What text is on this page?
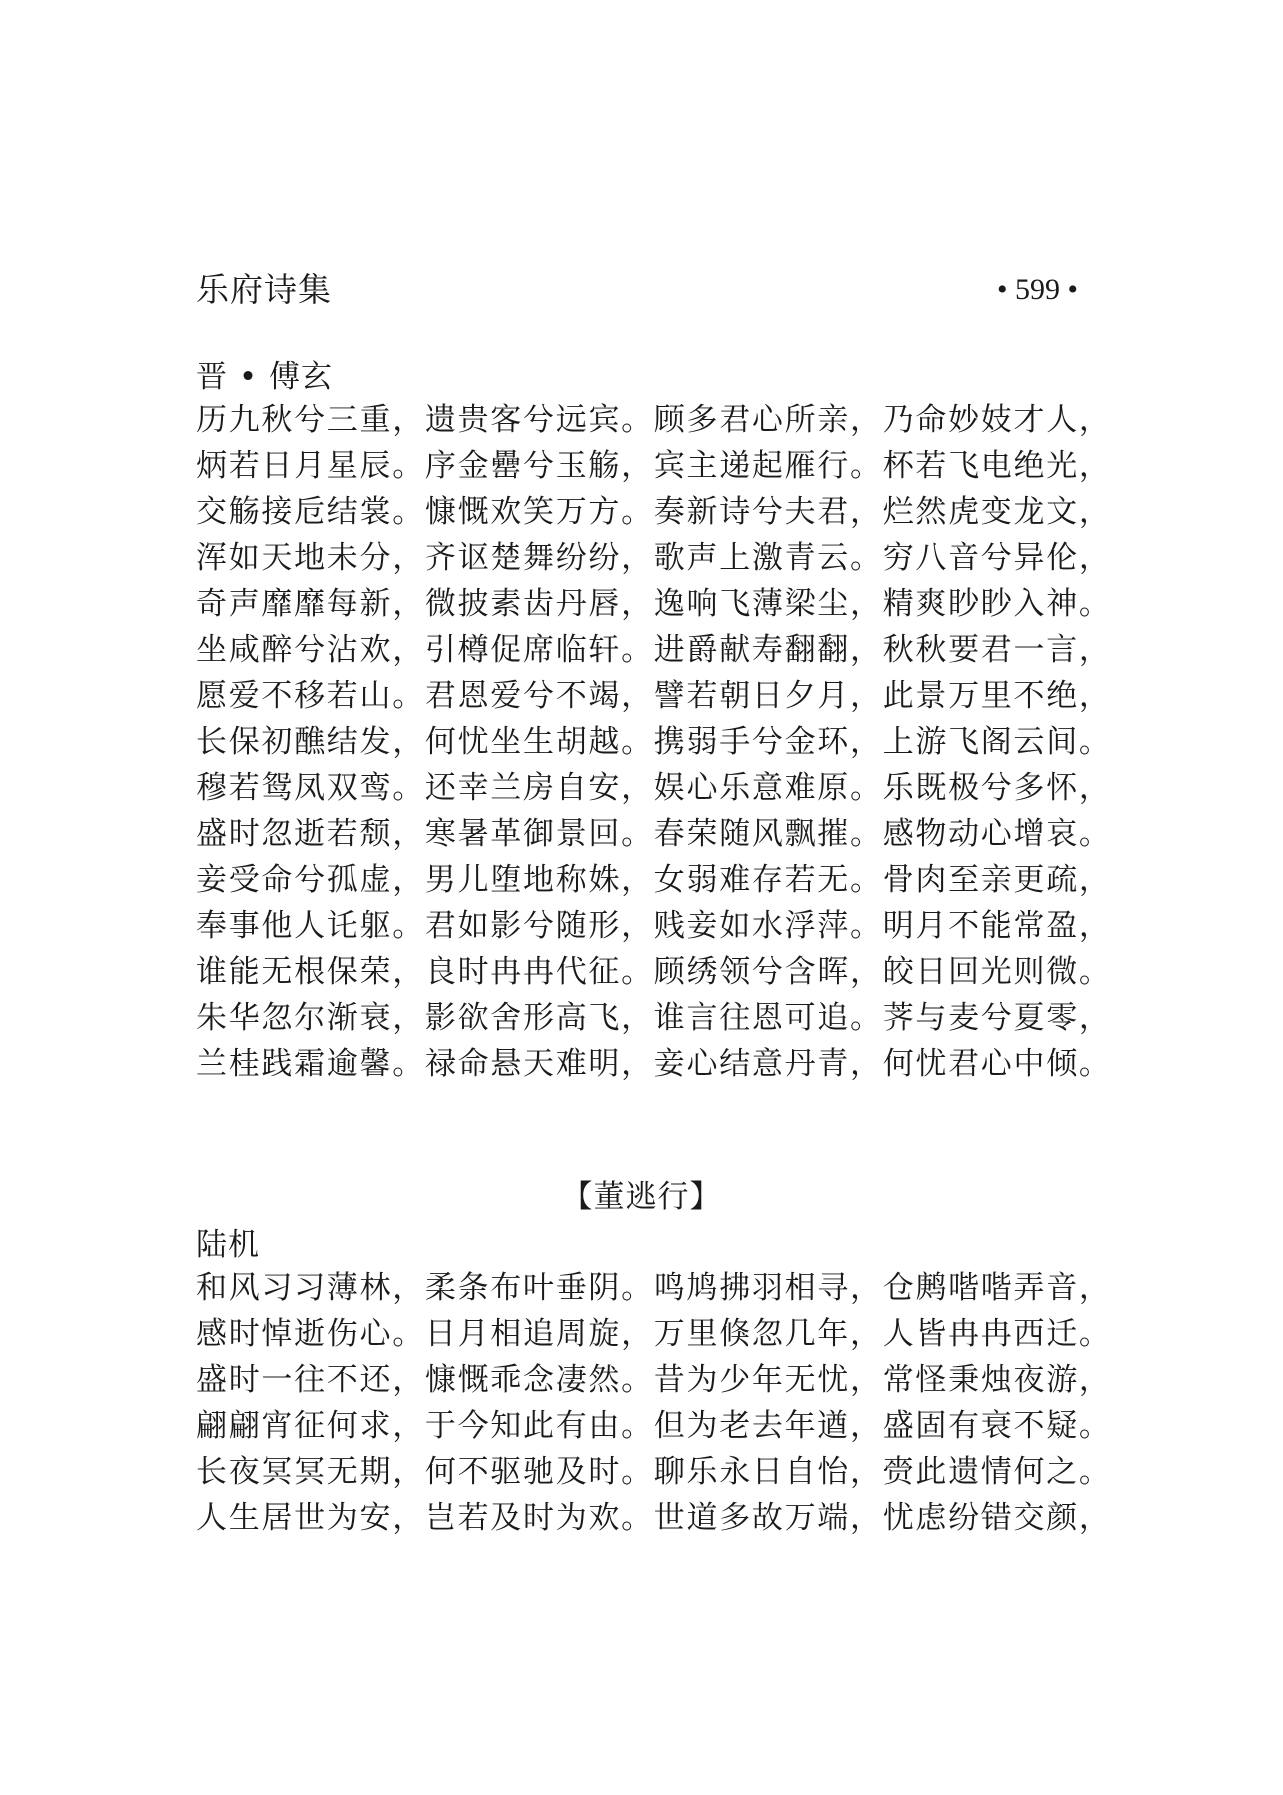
乐府诗集	• 599 •
晋 • 傅玄
历九秋兮三重，遗贵客兮远宾。顾多君心所亲，乃命妙妓才人，
炳若日月星辰。序金罍兮玉觞，宾主递起雁行。杯若飞电绝光，
交觞接卮结裳。慷慨欢笑万方。奏新诗兮夫君，烂然虎变龙文，
浑如天地未分，齐讴楚舞纷纷，歌声上激青云。穷八音兮异伦，
奇声靡靡每新，微披素齿丹唇，逸响飞薄梁尘，精爽眇眇入神。
坐咸醉兮沾欢，引樽促席临轩。进爵献寿翻翻，秋秋要君一言，
愿爱不移若山。君恩爱兮不竭，譬若朝日夕月，此景万里不绝，
长保初醮结发，何忧坐生胡越。携弱手兮金环，上游飞阁云间。
穆若鸳凤双鸾。还幸兰房自安，娱心乐意难原。乐既极兮多怀，
盛时忽逝若颓，寒暑革御景回。春荣随风飘摧。感物动心增哀。
妾受命兮孤虚，男儿堕地称姝，女弱难存若无。骨肉至亲更疏，
奉事他人讬躯。君如影兮随形，贱妾如水浮萍。明月不能常盈，
谁能无根保荣，良时冉冉代征。顾绣领兮含晖，皎日回光则微。
朱华忽尔渐衰，影欲舍形高飞，谁言往恩可追。荠与麦兮夏零，
兰桂践霜逾馨。禄命悬天难明，妾心结意丹青，何忧君心中倾。
【董逃行】
陆机
和风习习薄林，柔条布叶垂阴。鸣鸠拂羽相寻，仓鹒喈喈弄音，
感时悼逝伤心。日月相追周旋，万里倏忽几年，人皆冉冉西迁。
盛时一往不还，慷慨乖念凄然。昔为少年无忧，常怪秉烛夜游，
翩翩宵征何求，于今知此有由。但为老去年遒，盛固有衰不疑。
长夜冥冥无期，何不驱驰及时。聊乐永日自怡，赍此遗情何之。
人生居世为安，岂若及时为欢。世道多故万端，忧虑纷错交颜，
